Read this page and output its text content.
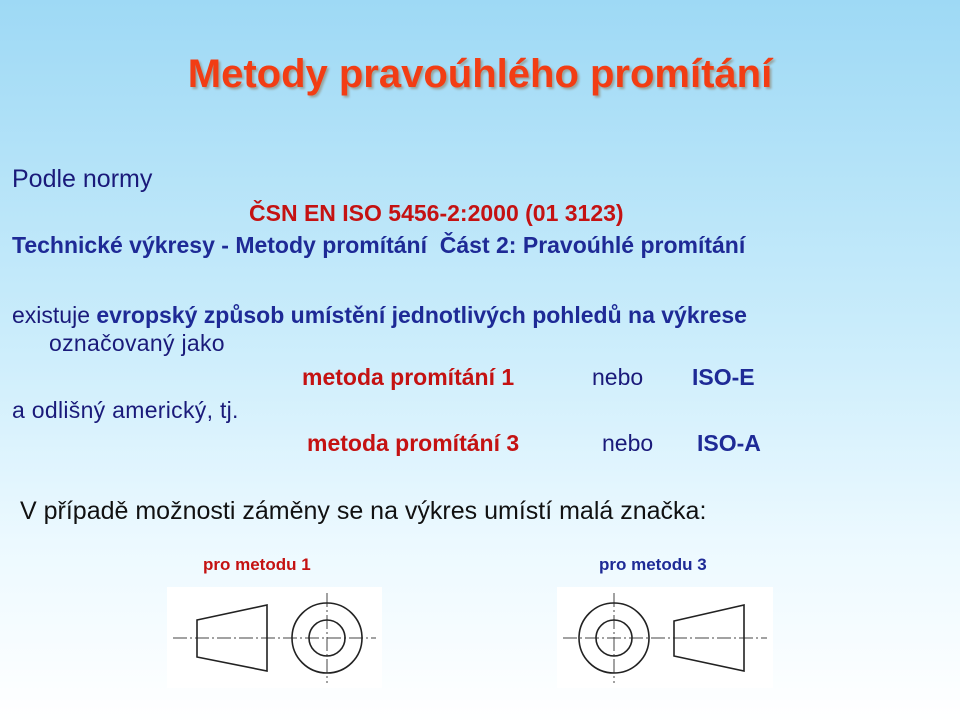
Metody pravoúhlého promítání
Podle normy
ČSN EN ISO 5456-2:2000 (01 3123)
Technické výkresy - Metody promítání  Část 2: Pravoúhlé promítání
existuje evropský způsob umístění jednotlivých pohledů na výkrese
označovaný jako
metoda promítání 1	nebo ISO-E
a odlišný americký, tj.
metoda promítání 3	nebo ISO-A
V případě možnosti záměny se na výkres umístí malá značka:
pro metodu 1	pro metodu 3
